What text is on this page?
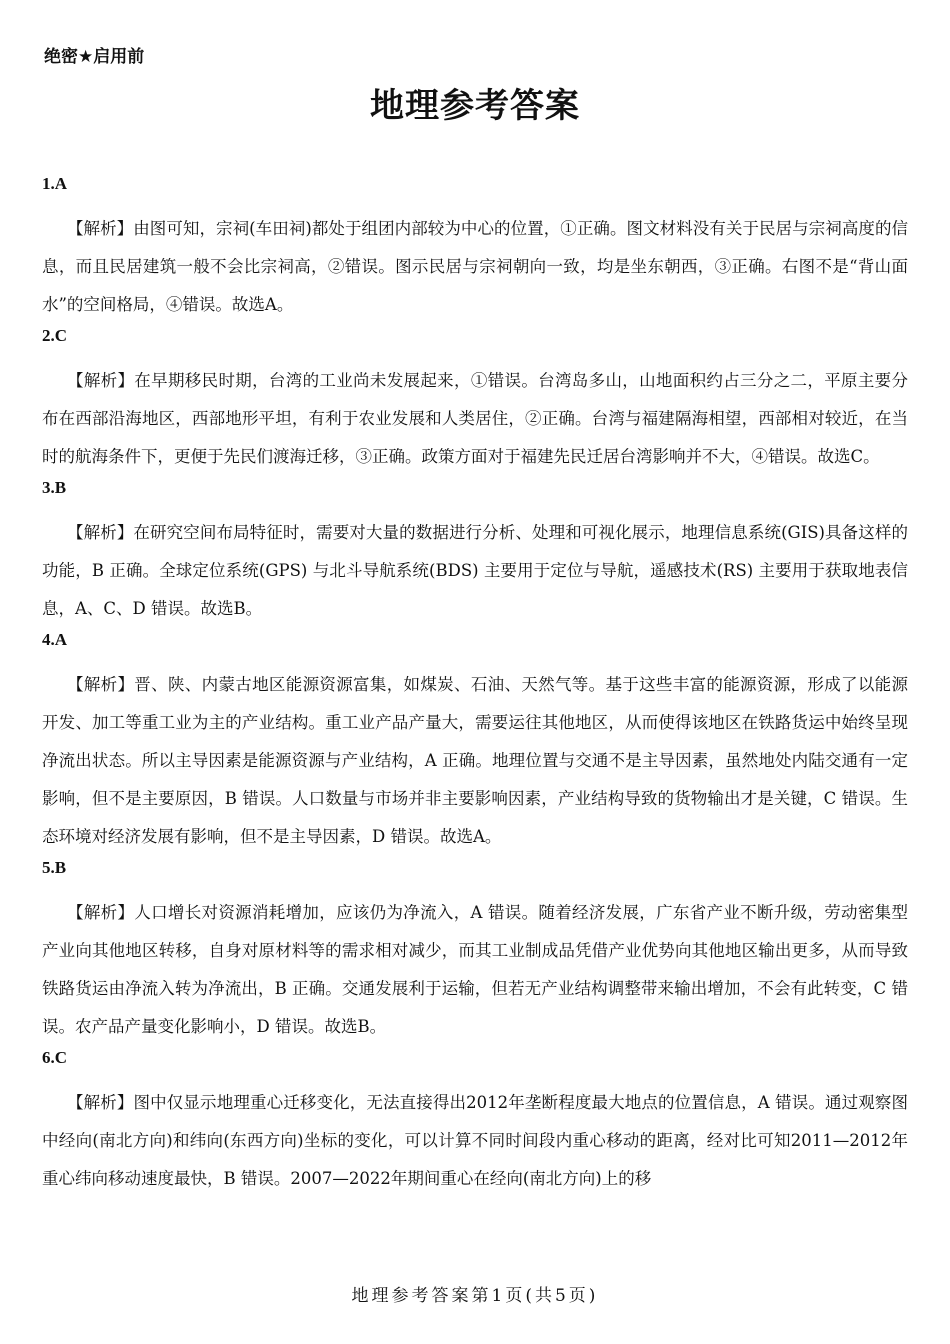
绝密★启用前
地理参考答案
1.A
【解析】由图可知，宗祠(车田祠)都处于组团内部较为中心的位置，①正确。图文材料没有关于民居与宗祠高度的信息，而且民居建筑一般不会比宗祠高，②错误。图示民居与宗祠朝向一致，均是坐东朝西，③正确。右图不是“背山面水”的空间格局，④错误。故选A。
2.C
【解析】在早期移民时期，台湾的工业尚未发展起来，①错误。台湾岛多山，山地面积约占三分之二，平原主要分布在西部沿海地区，西部地形平坦，有利于农业发展和人类居住，②正确。台湾与福建隔海相望，西部相对较近，在当时的航海条件下，更便于先民们渡海迁移，③正确。政策方面对于福建先民迁居台湾影响并不大，④错误。故选C。
3.B
【解析】在研究空间布局特征时，需要对大量的数据进行分析、处理和可视化展示，地理信息系统(GIS)具备这样的功能，B 正确。全球定位系统(GPS) 与北斗导航系统(BDS) 主要用于定位与导航，遥感技术(RS) 主要用于获取地表信息，A、C、D 错误。故选B。
4.A
【解析】晋、陕、内蒙古地区能源资源富集，如煤炭、石油、天然气等。基于这些丰富的能源资源，形成了以能源开发、加工等重工业为主的产业结构。重工业产品产量大，需要运往其他地区，从而使得该地区在铁路货运中始终呈现净流出状态。所以主导因素是能源资源与产业结构，A 正确。地理位置与交通不是主导因素，虽然地处内陆交通有一定影响，但不是主要原因，B 错误。人口数量与市场并非主要影响因素，产业结构导致的货物输出才是关键，C 错误。生态环境对经济发展有影响，但不是主导因素，D 错误。故选A。
5.B
【解析】人口增长对资源消耗增加，应该仍为净流入，A 错误。随着经济发展，广东省产业不断升级，劳动密集型产业向其他地区转移，自身对原材料等的需求相对减少，而其工业制成品凭借产业优势向其他地区输出更多，从而导致铁路货运由净流入转为净流出，B 正确。交通发展利于运输，但若无产业结构调整带来输出增加，不会有此转变，C 错误。农产品产量变化影响小，D 错误。故选B。
6.C
【解析】图中仅显示地理重心迁移变化，无法直接得出2012年垄断程度最大地点的位置信息，A 错误。通过观察图中经向(南北方向)和纬向(东西方向)坐标的变化，可以计算不同时间段内重心移动的距离，经对比可知2011—2012年重心纬向移动速度最快，B 错误。2007—2022年期间重心在经向(南北方向)上的移
地理参考答案第1页(共5页)
